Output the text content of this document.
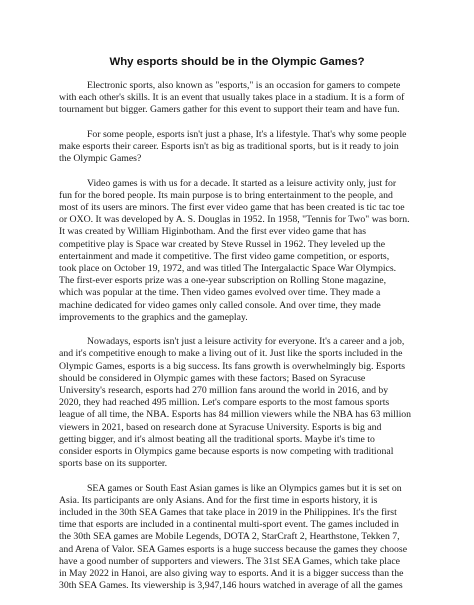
Why esports should be in the Olympic Games?

Electronic sports, also known as "esports," is an occasion for gamers to compete
with each other's skills. It is an event that usually takes place in a stadium. It is a form of
tournament but bigger. Gamers gather for this event to support their team and have fun.

For some people, esports isn't just a phase, It's a lifestyle. That's why some people
make esports their career. Esports isn't as big as traditional sports, but is it ready to join
the Olympic Games?

Video games is with us for a decade. It started as a leisure activity only, just for
fun for the bored people. Its main purpose is to bring entertainment to the people, and
most of its users are minors. The first ever video game that has been created is tic tac toe
or OXO. It was developed by A. S. Douglas in 1952. In 1958, "Tennis for Two" was born.
It was created by William Higinbotham. And the first ever video game that has
competitive play is Space war created by Steve Russel in 1962. They leveled up the
entertainment and made it competitive. The first video game competition, or esports,
took place on October 19, 1972, and was titled The Intergalactic Space War Olympics.
The first-ever esports prize was a one-year subscription on Rolling Stone magazine,
which was popular at the time. Then video games evolved over time. They made a
machine dedicated for video games only called console. And over time, they made
improvements to the graphics and the gameplay.

Nowadays, esports isn't just a leisure activity for everyone. It's a career and a job,
and it's competitive enough to make a living out of it. Just like the sports included in the
Olympic Games, esports is a big success. Its fans growth is overwhelmingly big. Esports
should be considered in Olympic games with these factors; Based on Syracuse
University's research, esports had 270 million fans around the world in 2016, and by
2020, they had reached 495 million. Let's compare esports to the most famous sports
league of all time, the NBA. Esports has 84 million viewers while the NBA has 63 million
viewers in 2021, based on research done at Syracuse University. Esports is big and
getting bigger, and it's almost beating all the traditional sports. Maybe it's time to
consider esports in Olympics game because esports is now competing with traditional
sports base on its supporter.

SEA games or South East Asian games is like an Olympics games but it is set on
Asia. Its participants are only Asians. And for the first time in esports history, it is
included in the 30th SEA Games that take place in 2019 in the Philippines. It's the first
time that esports are included in a continental multi-sport event. The games included in
the 30th SEA games are Mobile Legends, DOTA 2, StarCraft 2, Hearthstone, Tekken 7,
and Arena of Valor. SEA Games esports is a huge success because the games they choose
have a good number of supporters and viewers. The 31st SEA Games, which take place
in May 2022 in Hanoi, are also giving way to esports. And it is a bigger success than the
30th SEA Games. Its viewership is 3,947,146 hours watched in average of all the games
